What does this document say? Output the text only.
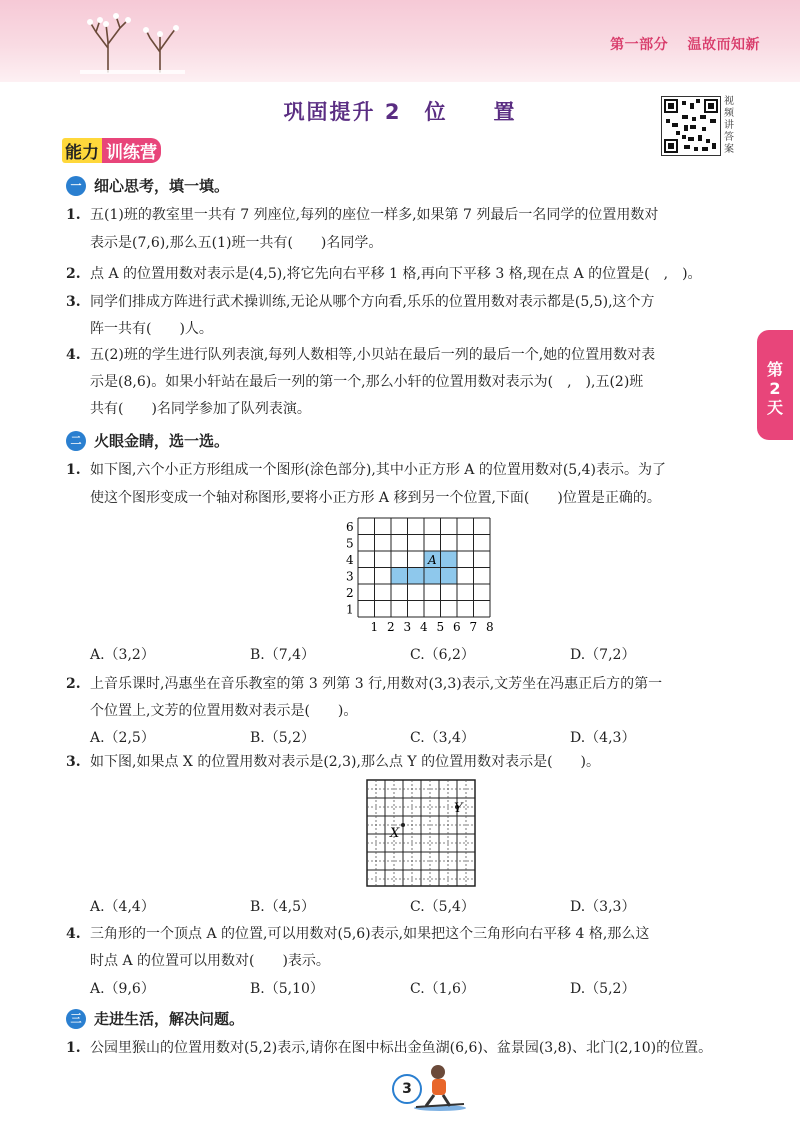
第一部分 温故而知新
巩固提升 2　位　　置	视
频
讲
答
案
能力 训练营
第
2
天
一 细心思考，填一填。
1. 五(1)班的教室里一共有 7 列座位,每列的座位一样多,如果第 7 列最后一名同学的位置用数对
表示是(7,6),那么五(1)班一共有(　　)名同学。
2. 点 A 的位置用数对表示是(4,5),将它先向右平移 1 格,再向下平移 3 格,现在点 A 的位置是(　,　)。
3. 同学们排成方阵进行武术操训练,无论从哪个方向看,乐乐的位置用数对表示都是(5,5),这个方
阵一共有(　　)人。
4. 五(2)班的学生进行队列表演,每列人数相等,小贝站在最后一列的最后一个,她的位置用数对表
示是(8,6)。如果小轩站在最后一列的第一个,那么小轩的位置用数对表示为(　,　),五(2)班
共有(　　)名同学参加了队列表演。
二 火眼金睛，选一选。
1. 如下图,六个小正方形组成一个图形(涂色部分),其中小正方形 A 的位置用数对(5,4)表示。为了
使这个图形变成一个轴对称图形,要将小正方形 A 移到另一个位置,下面(　　)位置是正确的。
6
5
4
3
2
1
1 2 3 4 5 6 7 8
A
A.（3,2）	B.（7,4）	C.（6,2）	D.（7,2）
2. 上音乐课时,冯惠坐在音乐教室的第 3 列第 3 行,用数对(3,3)表示,文芳坐在冯惠正后方的第一
个位置上,文芳的位置用数对表示是(　　)。
A.（2,5）	B.（5,2）	C.（3,4）	D.（4,3）
3. 如下图,如果点 X 的位置用数对表示是(2,3),那么点 Y 的位置用数对表示是(　　)。
X
Y
A.（4,4）	B.（4,5）	C.（5,4）	D.（3,3）
4. 三角形的一个顶点 A 的位置,可以用数对(5,6)表示,如果把这个三角形向右平移 4 格,那么这
时点 A 的位置可以用数对(　　)表示。
A.（9,6）	B.（5,10）	C.（1,6）	D.（5,2）
三 走进生活，解决问题。
1. 公园里猴山的位置用数对(5,2)表示,请你在图中标出金鱼湖(6,6)、盆景园(3,8)、北门(2,10)的位置。
3
